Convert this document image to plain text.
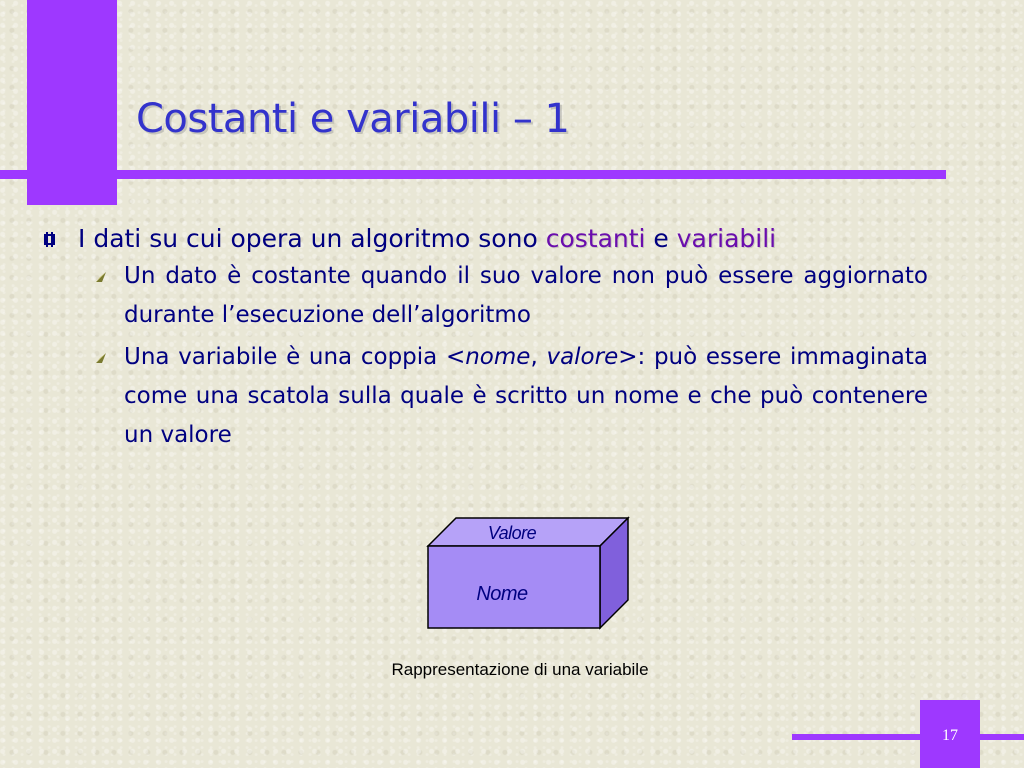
Costanti e variabili – 1
I dati su cui opera un algoritmo sono costanti e variabili
Un dato è costante quando il suo valore non può essere aggiornato durante l’esecuzione dell’algoritmo
Una variabile è una coppia <nome, valore>: può essere immaginata come una scatola sulla quale è scritto un nome e che può contenere un valore
Valore
Nome
Rappresentazione di una variabile
17
